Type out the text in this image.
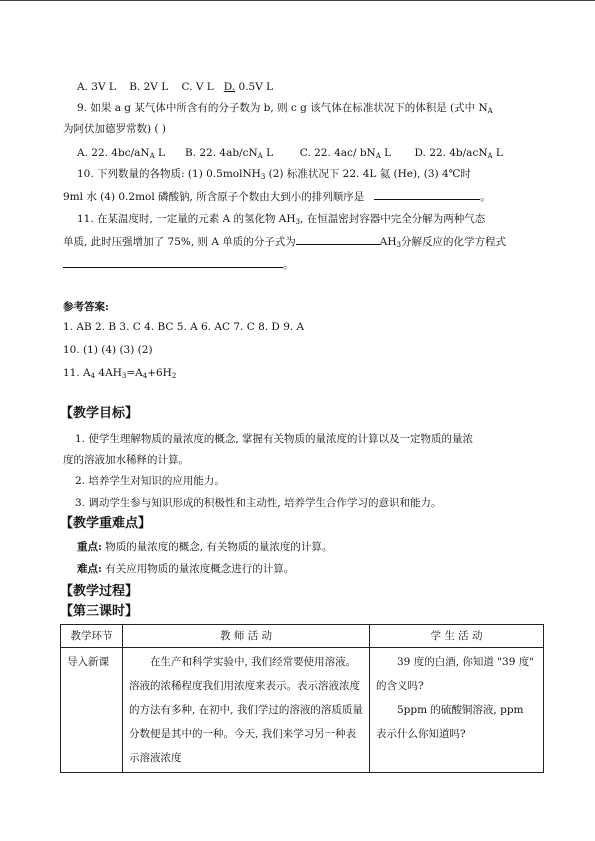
A. 3V L B. 2V L C. V L D. 0.5V L
9. 如果 a g 某气体中所含有的分子数为 b, 则 c g 该气体在标准状况下的体积是 (式中 $N_A$
为阿伏加德罗常数) ( )
A. 22. $4bc/aN_A$ L B. 22. $4ab/cN_A$ L	C. 22. 4ac/ $bN_A$ L D. 22. 4b/acN$_A$ L
10. 下列数量的各物质: (1) 0.5molNH$_3$ (2) 标准状况下 22. 4L 氦 (He), (3) 4℃时
9ml 水 (4) 0.2mol 磷酸钠, 所含原子个数由大到小的排列顺序是	。
11. 在某温度时, 一定量的元素 A 的氢化物 $AH_3$, 在恒温密封容器中完全分解为两种气态
单质, 此时压强增加了 75%, 则 A 单质的分子式为	$AH_3$分解反应的化学方程式
。
参考答案:
1. AB 2. B 3. C 4. BC 5. A 6. AC 7. C 8. D 9. A
10. (1) (4) (3) (2)
11. $A_4$ $4AH_3=A_4+6H_2$
【教学目标】
1. 使学生理解物质的量浓度的概念, 掌握有关物质的量浓度的计算以及一定物质的量浓
度的溶液加水稀释的计算。
2. 培养学生对知识的应用能力。
3. 调动学生参与知识形成的积极性和主动性, 培养学生合作学习的意识和能力。
【教学重难点】
重点: 物质的量浓度的概念, 有关物质的量浓度的计算。
难点: 有关应用物质的量浓度概念进行的计算。
【教学过程】
【第三课时】
教学环节	教 师 活 动	学 生 活 动
导入新课	在生产和科学实验中, 我们经常要使用溶液。溶液的浓稀程度我们用浓度来表示。表示溶液浓度的方法有多种, 在初中, 我们学过的溶液的溶质质量分数便是其中的一种。今天, 我们来学习另一种表示溶液浓度	39 度的白酒, 你知道 "39 度" 的含义吗?
5ppm 的硫酸铜溶液, ppm 表示什么你知道吗?
